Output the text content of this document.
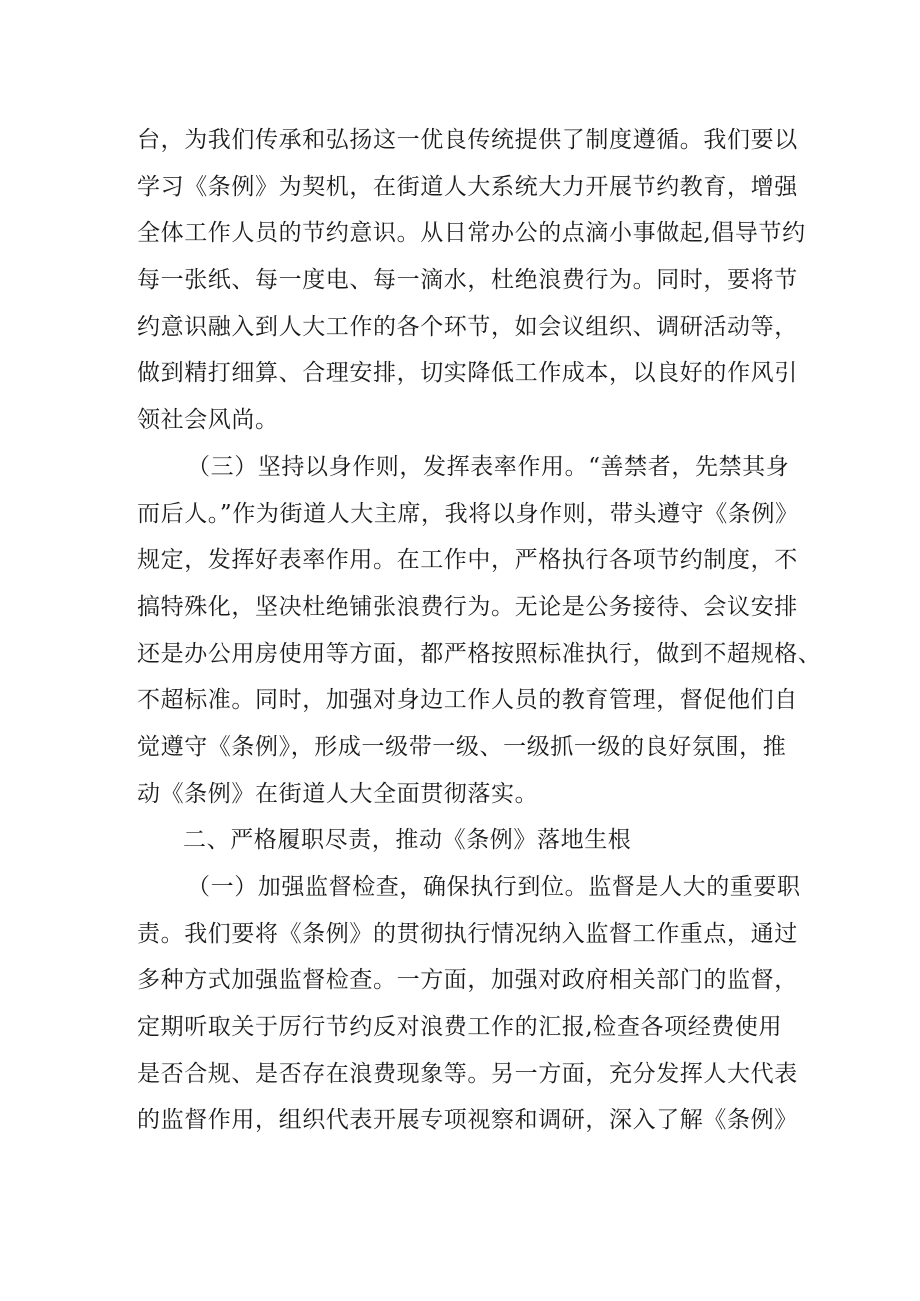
台，为我们传承和弘扬这一优良传统提供了制度遵循。我们要以
学习《条例》为契机，在街道人大系统大力开展节约教育，增强
全体工作人员的节约意识。从日常办公的点滴小事做起,倡导节约
每一张纸、每一度电、每一滴水，杜绝浪费行为。同时，要将节
约意识融入到人大工作的各个环节，如会议组织、调研活动等，
做到精打细算、合理安排，切实降低工作成本，以良好的作风引
领社会风尚。
（三）坚持以身作则，发挥表率作用。“善禁者，先禁其身
而后人。”作为街道人大主席，我将以身作则，带头遵守《条例》
规定，发挥好表率作用。在工作中，严格执行各项节约制度，不
搞特殊化，坚决杜绝铺张浪费行为。无论是公务接待、会议安排
还是办公用房使用等方面，都严格按照标准执行，做到不超规格、
不超标准。同时，加强对身边工作人员的教育管理，督促他们自
觉遵守《条例》，形成一级带一级、一级抓一级的良好氛围，推
动《条例》在街道人大全面贯彻落实。
二、严格履职尽责，推动《条例》落地生根
（一）加强监督检查，确保执行到位。监督是人大的重要职
责。我们要将《条例》的贯彻执行情况纳入监督工作重点，通过
多种方式加强监督检查。一方面，加强对政府相关部门的监督，
定期听取关于厉行节约反对浪费工作的汇报,检查各项经费使用
是否合规、是否存在浪费现象等。另一方面，充分发挥人大代表
的监督作用，组织代表开展专项视察和调研，深入了解《条例》
